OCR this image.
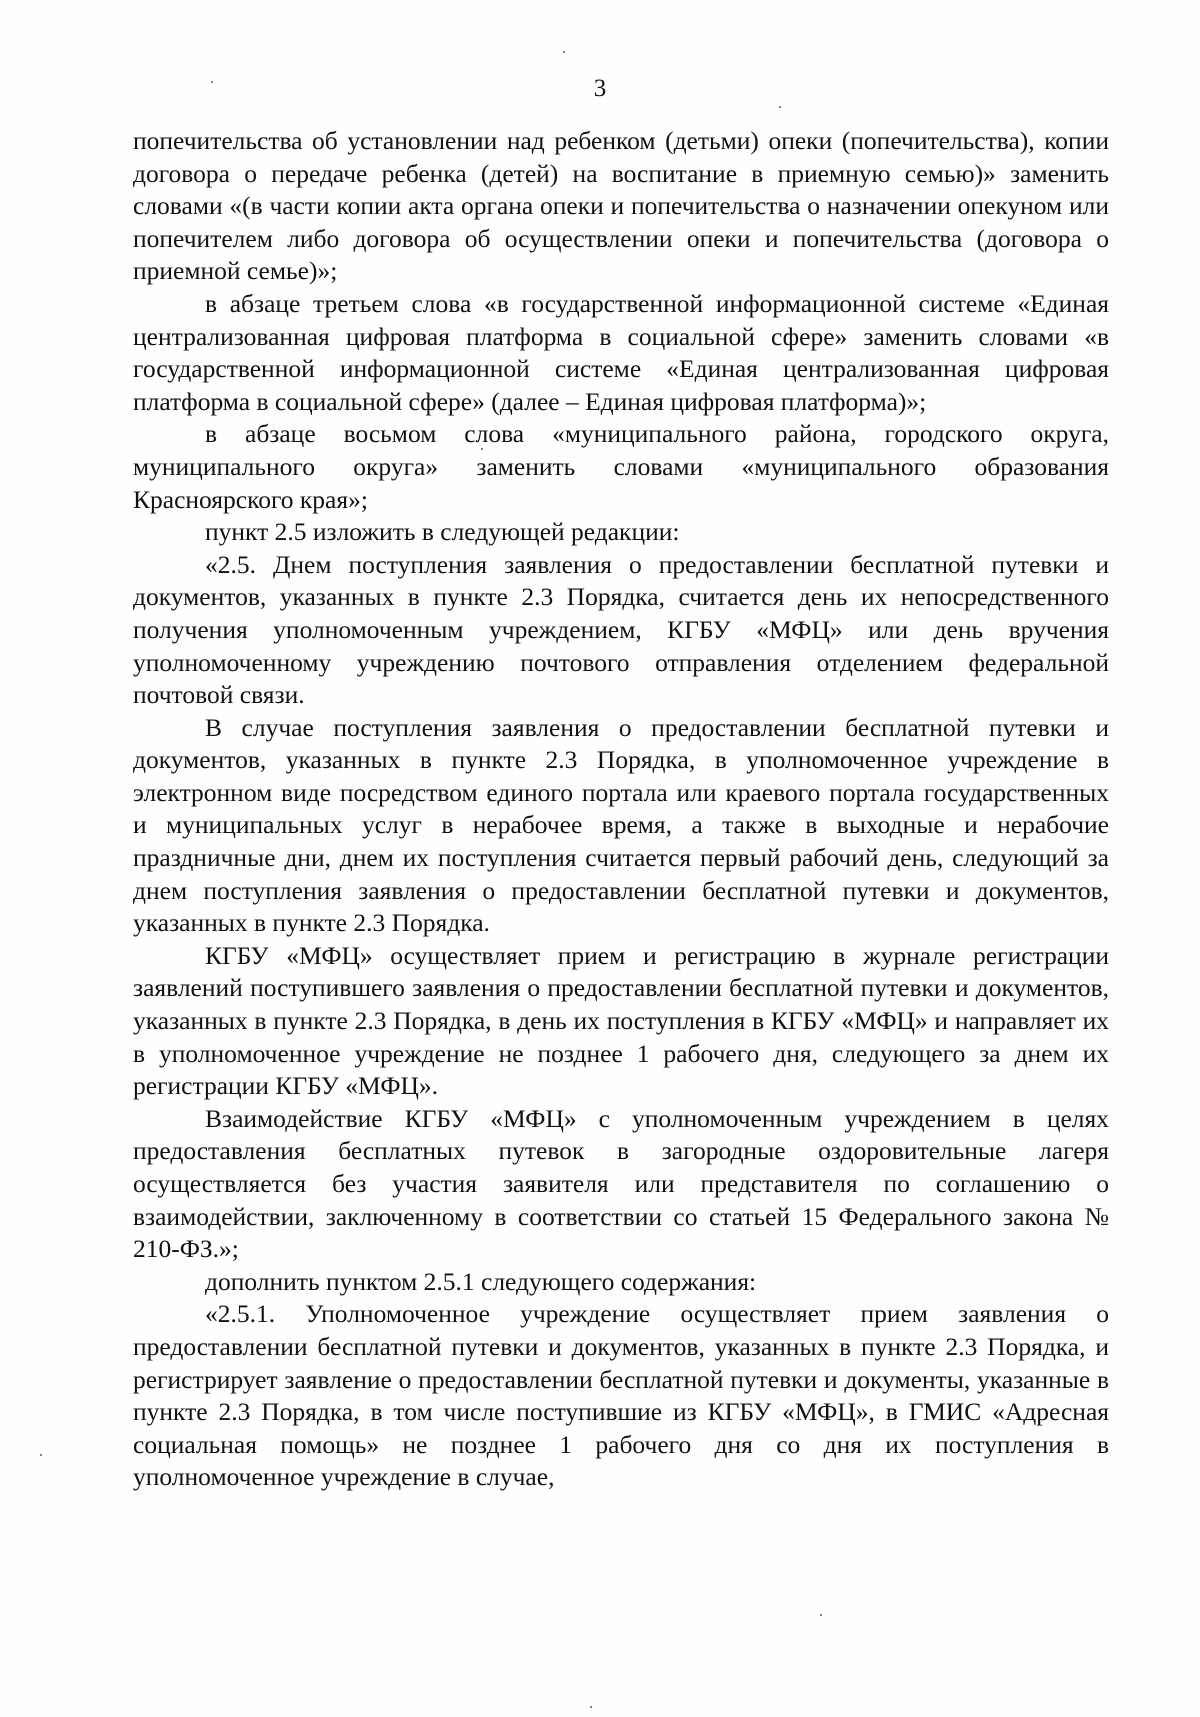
3

попечительства об установлении над ребенком (детьми) опеки (попечительства), копии договора о передаче ребенка (детей) на воспитание в приемную семью)» заменить словами «(в части копии акта органа опеки и попечительства о назначении опекуном или попечителем либо договора об осуществлении опеки и попечительства (договора о приемной семье)»;

в абзаце третьем слова «в государственной информационной системе «Единая централизованная цифровая платформа в социальной сфере» заменить словами «в государственной информационной системе «Единая централизованная цифровая платформа в социальной сфере» (далее – Единая цифровая платформа)»;

в абзаце восьмом слова «муниципального района, городского округа, муниципального округа» заменить словами «муниципального образования Красноярского края»;

пункт 2.5 изложить в следующей редакции:

«2.5. Днем поступления заявления о предоставлении бесплатной путевки и документов, указанных в пункте 2.3 Порядка, считается день их непосредственного получения уполномоченным учреждением, КГБУ «МФЦ» или день вручения уполномоченному учреждению почтового отправления отделением федеральной почтовой связи.

В случае поступления заявления о предоставлении бесплатной путевки и документов, указанных в пункте 2.3 Порядка, в уполномоченное учреждение в электронном виде посредством единого портала или краевого портала государственных и муниципальных услуг в нерабочее время, а также в выходные и нерабочие праздничные дни, днем их поступления считается первый рабочий день, следующий за днем поступления заявления о предоставлении бесплатной путевки и документов, указанных в пункте 2.3 Порядка.

КГБУ «МФЦ» осуществляет прием и регистрацию в журнале регистрации заявлений поступившего заявления о предоставлении бесплатной путевки и документов, указанных в пункте 2.3 Порядка, в день их поступления в КГБУ «МФЦ» и направляет их в уполномоченное учреждение не позднее 1 рабочего дня, следующего за днем их регистрации КГБУ «МФЦ».

Взаимодействие КГБУ «МФЦ» с уполномоченным учреждением в целях предоставления бесплатных путевок в загородные оздоровительные лагеря осуществляется без участия заявителя или представителя по соглашению о взаимодействии, заключенному в соответствии со статьей 15 Федерального закона № 210-ФЗ.»;

дополнить пунктом 2.5.1 следующего содержания:

«2.5.1. Уполномоченное учреждение осуществляет прием заявления о предоставлении бесплатной путевки и документов, указанных в пункте 2.3 Порядка, и регистрирует заявление о предоставлении бесплатной путевки и документы, указанные в пункте 2.3 Порядка, в том числе поступившие из КГБУ «МФЦ», в ГМИС «Адресная социальная помощь» не позднее 1 рабочего дня со дня их поступления в уполномоченное учреждение в случае,
